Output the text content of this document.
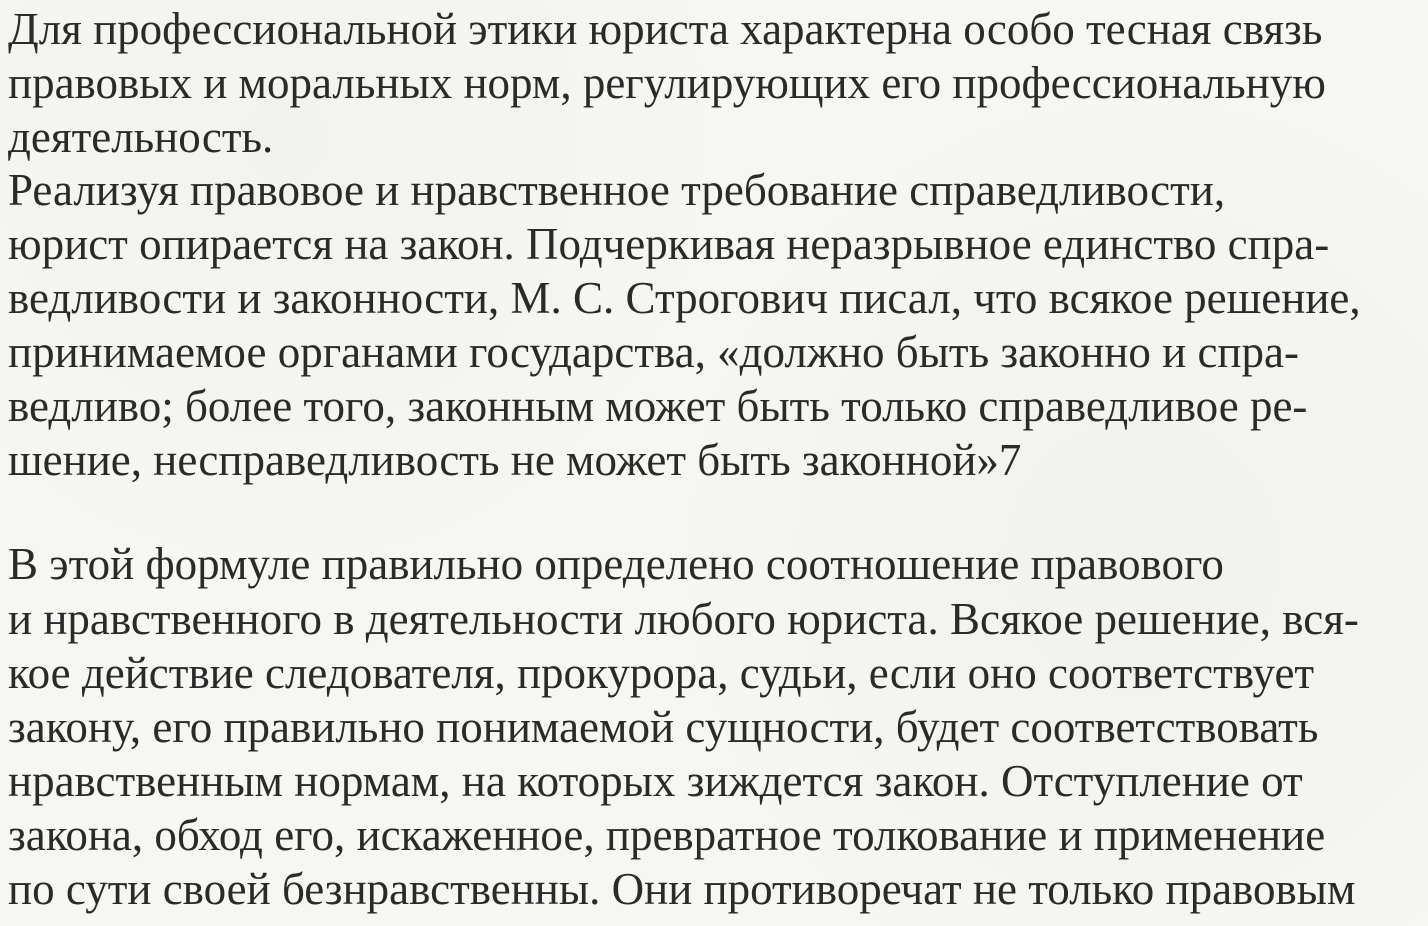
Для профессиональной этики юриста характерна особо тесная связь
правовых и моральных норм, регулирующих его профессиональную
деятельность.
Реализуя правовое и нравственное требование справедливости,
юрист опирается на закон. Подчеркивая неразрывное единство спра-
ведливости и законности, М. С. Строгович писал, что всякое решение,
принимаемое органами государства, «должно быть законно и спра-
ведливо; более того, законным может быть только справедливое ре-
шение, несправедливость не может быть законной»7
В этой формуле правильно определено соотношение правового
и нравственного в деятельности любого юриста. Всякое решение, вся-
кое действие следователя, прокурора, судьи, если оно соответствует
закону, его правильно понимаемой сущности, будет соответствовать
нравственным нормам, на которых зиждется закон. Отступление от
закона, обход его, искаженное, превратное толкование и применение
по сути своей безнравственны. Они противоречат не только правовым
